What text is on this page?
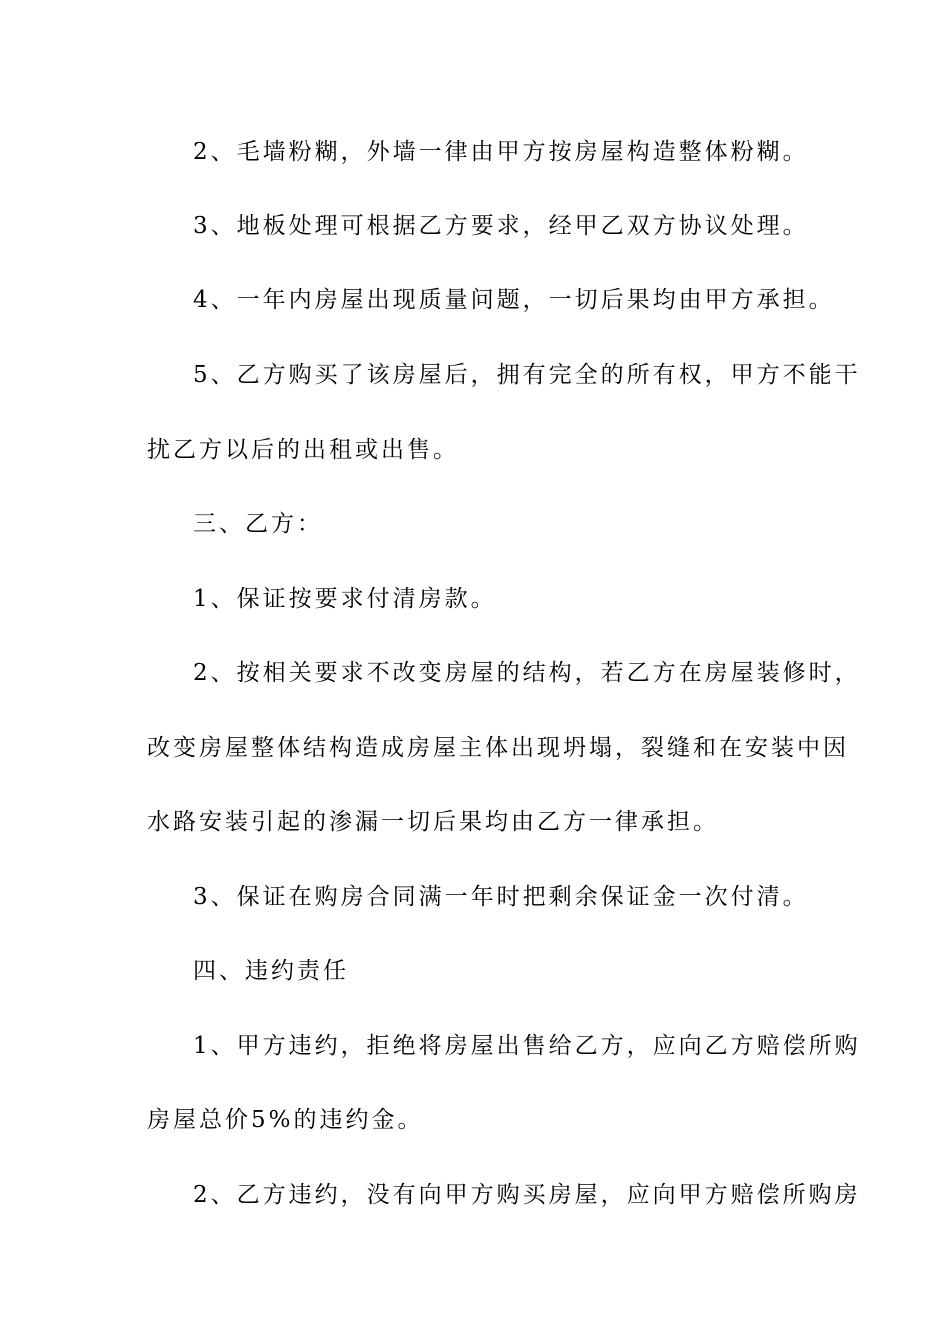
2、毛墙粉糊，外墙一律由甲方按房屋构造整体粉糊。
3、地板处理可根据乙方要求，经甲乙双方协议处理。
4、一年内房屋出现质量问题，一切后果均由甲方承担。
5、乙方购买了该房屋后，拥有完全的所有权，甲方不能干
扰乙方以后的出租或出售。
三、乙方：
1、保证按要求付清房款。
2、按相关要求不改变房屋的结构，若乙方在房屋装修时，
改变房屋整体结构造成房屋主体出现坍塌，裂缝和在安装中因
水路安装引起的渗漏一切后果均由乙方一律承担。
3、保证在购房合同满一年时把剩余保证金一次付清。
四、违约责任
1、甲方违约，拒绝将房屋出售给乙方，应向乙方赔偿所购
房屋总价5%的违约金。
2、乙方违约，没有向甲方购买房屋，应向甲方赔偿所购房
